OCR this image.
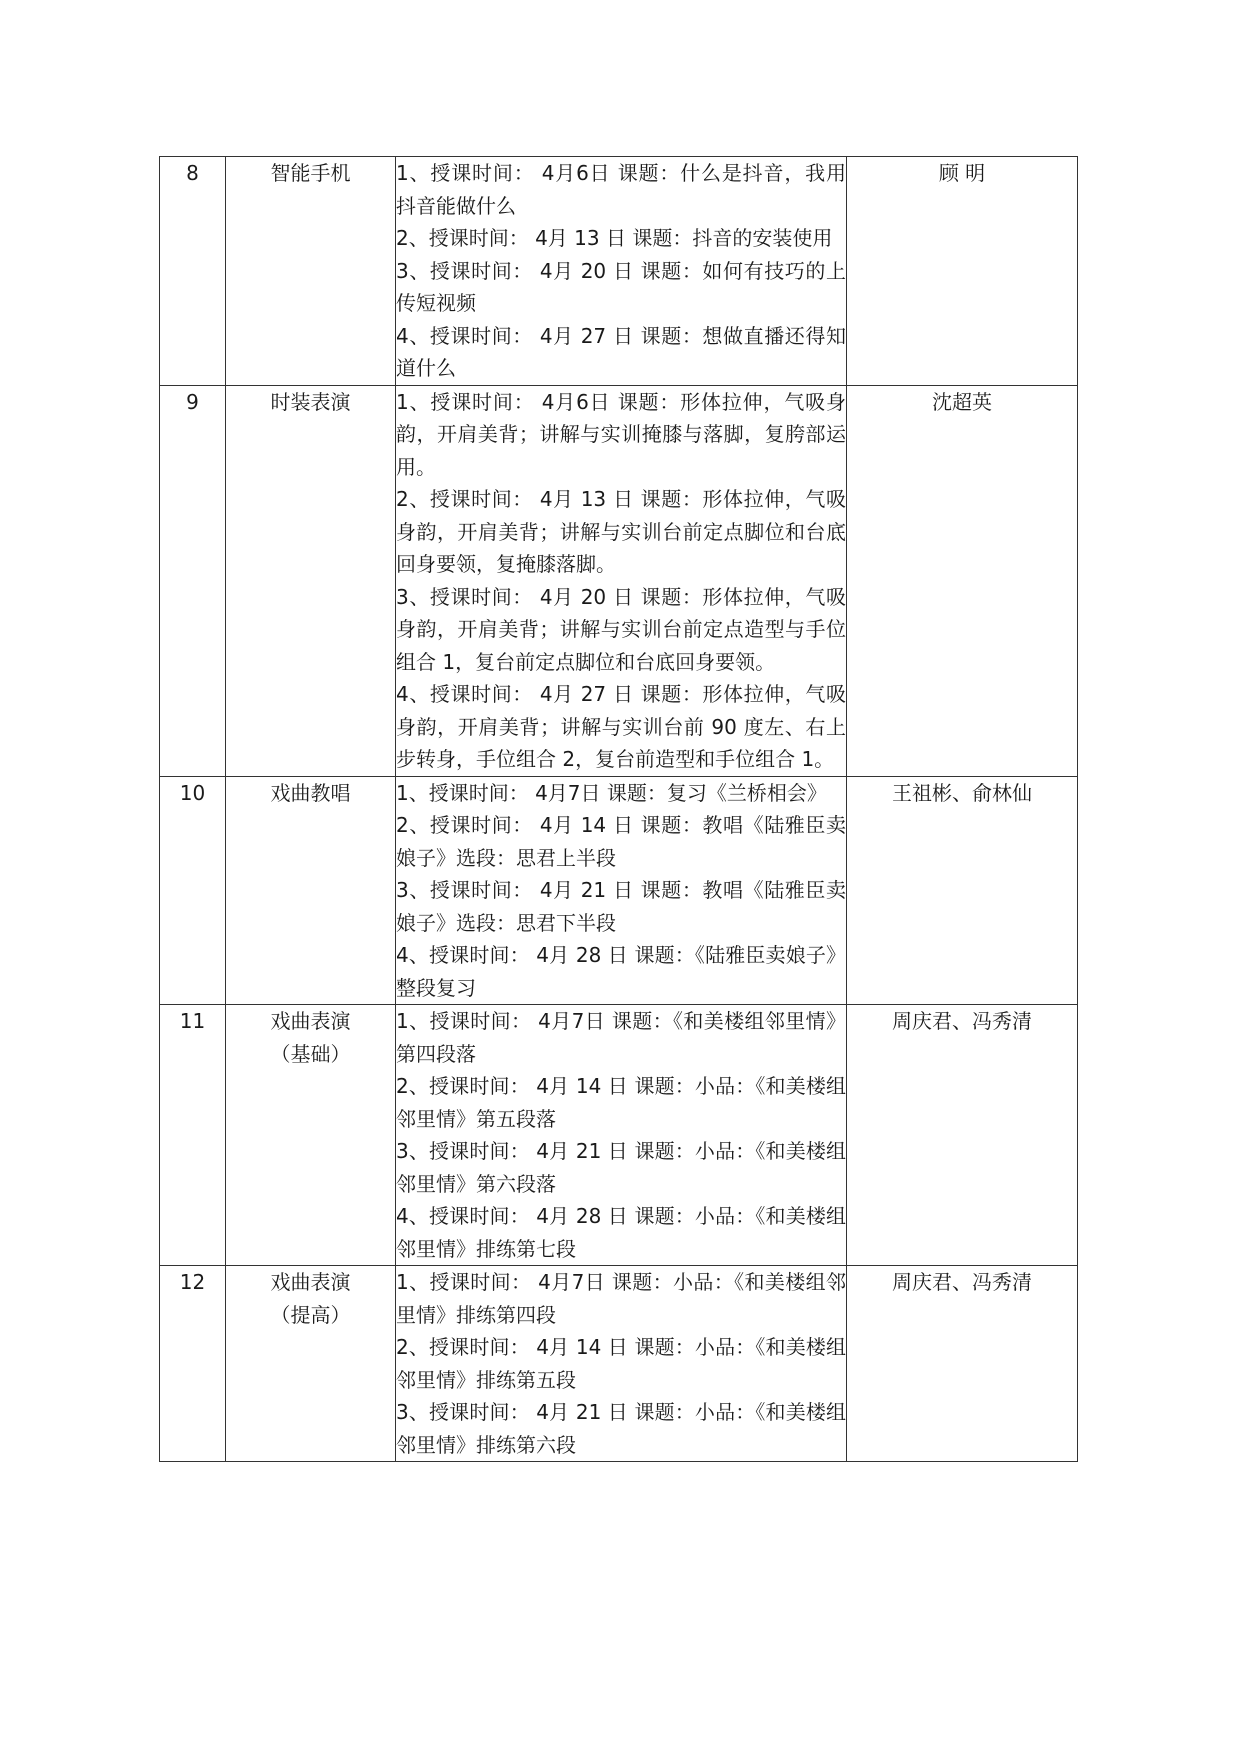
8	智能手机	1、授课时间： 4月6日 课题：什么是抖音，我用抖音能做什么
2、授课时间： 4月 13 日 课题：抖音的安装使用
3、授课时间： 4月 20 日 课题：如何有技巧的上传短视频
4、授课时间： 4月 27 日 课题：想做直播还得知道什么	顾 明

9	时装表演	1、授课时间： 4月6日 课题：形体拉伸，气吸身韵，开肩美背；讲解与实训掩膝与落脚，复胯部运用。
2、授课时间： 4月 13 日 课题：形体拉伸，气吸身韵，开肩美背；讲解与实训台前定点脚位和台底回身要领，复掩膝落脚。
3、授课时间： 4月 20 日 课题：形体拉伸，气吸身韵，开肩美背；讲解与实训台前定点造型与手位组合 1，复台前定点脚位和台底回身要领。
4、授课时间： 4月 27 日 课题：形体拉伸，气吸身韵，开肩美背；讲解与实训台前 90 度左、右上步转身，手位组合 2，复台前造型和手位组合 1。	沈超英

10	戏曲教唱	1、授课时间： 4月7日 课题：复习《兰桥相会》
2、授课时间： 4月 14 日 课题：教唱《陆雅臣卖娘子》选段：思君上半段
3、授课时间： 4月 21 日 课题：教唱《陆雅臣卖娘子》选段：思君下半段
4、授课时间： 4月 28 日 课题：《陆雅臣卖娘子》整段复习	王祖彬、俞林仙

11	戏曲表演
（基础）	1、授课时间： 4月7日 课题：《和美楼组邻里情》第四段落
2、授课时间： 4月 14 日 课题：小品：《和美楼组邻里情》第五段落
3、授课时间： 4月 21 日 课题：小品：《和美楼组邻里情》第六段落
4、授课时间： 4月 28 日 课题：小品：《和美楼组邻里情》排练第七段	周庆君、冯秀清

12	戏曲表演
（提高）	1、授课时间： 4月7日 课题：小品：《和美楼组邻里情》排练第四段
2、授课时间： 4月 14 日 课题：小品：《和美楼组邻里情》排练第五段
3、授课时间： 4月 21 日 课题：小品：《和美楼组邻里情》排练第六段	周庆君、冯秀清
